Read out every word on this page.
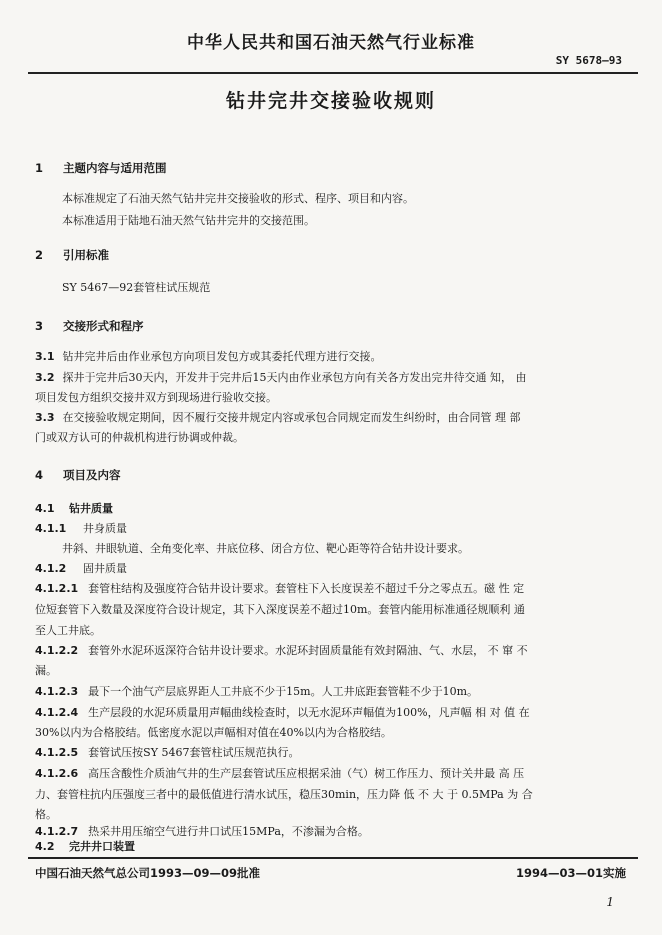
中华人民共和国石油天然气行业标准
SY 5678—93
钻井完井交接验收规则
1 主题内容与适用范围
本标准规定了石油天然气钻井完井交接验收的形式、程序、项目和内容。
本标准适用于陆地石油天然气钻井完井的交接范围。
2 引用标准
SY 5467—92套管柱试压规范
3 交接形式和程序
3.1 钻井完井后由作业承包方向项目发包方或其委托代理方进行交接。
3.2 探井于完井后30天内，开发井于完井后15天内由作业承包方向有关各方发出完井待交通 知， 由
项目发包方组织交接井双方到现场进行验收交接。
3.3 在交接验收规定期间，因不履行交接井规定内容或承包合同规定而发生纠纷时，由合同管 理 部
门或双方认可的仲裁机构进行协调或仲裁。
4 项目及内容
4.1 钻井质量
4.1.1 井身质量
井斜、井眼轨道、全角变化率、井底位移、闭合方位、靶心距等符合钻井设计要求。
4.1.2 固井质量
4.1.2.1 套管柱结构及强度符合钻井设计要求。套管柱下入长度误差不超过千分之零点五。磁 性 定
位短套管下入数量及深度符合设计规定，其下入深度误差不超过10m。套管内能用标准通径规顺利 通
至人工井底。
4.1.2.2 套管外水泥环返深符合钻井设计要求。水泥环封固质量能有效封隔油、气、水层， 不 窜 不
漏。
4.1.2.3 最下一个油气产层底界距人工井底不少于15m。人工井底距套管鞋不少于10m。
4.1.2.4 生产层段的水泥环质量用声幅曲线检查时，以无水泥环声幅值为100%，凡声幅 相 对 值 在
30%以内为合格胶结。低密度水泥以声幅相对值在40%以内为合格胶结。
4.1.2.5 套管试压按SY 5467套管柱试压规范执行。
4.1.2.6 高压含酸性介质油气井的生产层套管试压应根据采油（气）树工作压力、预计关井最 高 压
力、套管柱抗内压强度三者中的最低值进行清水试压，稳压30min，压力降 低 不 大 于 0.5MPa 为 合
格。
4.1.2.7 热采井用压缩空气进行井口试压15MPa，不渗漏为合格。
4.2 完井井口装置
中国石油天然气总公司1993—09—09批准	1994—03—01实施
1
